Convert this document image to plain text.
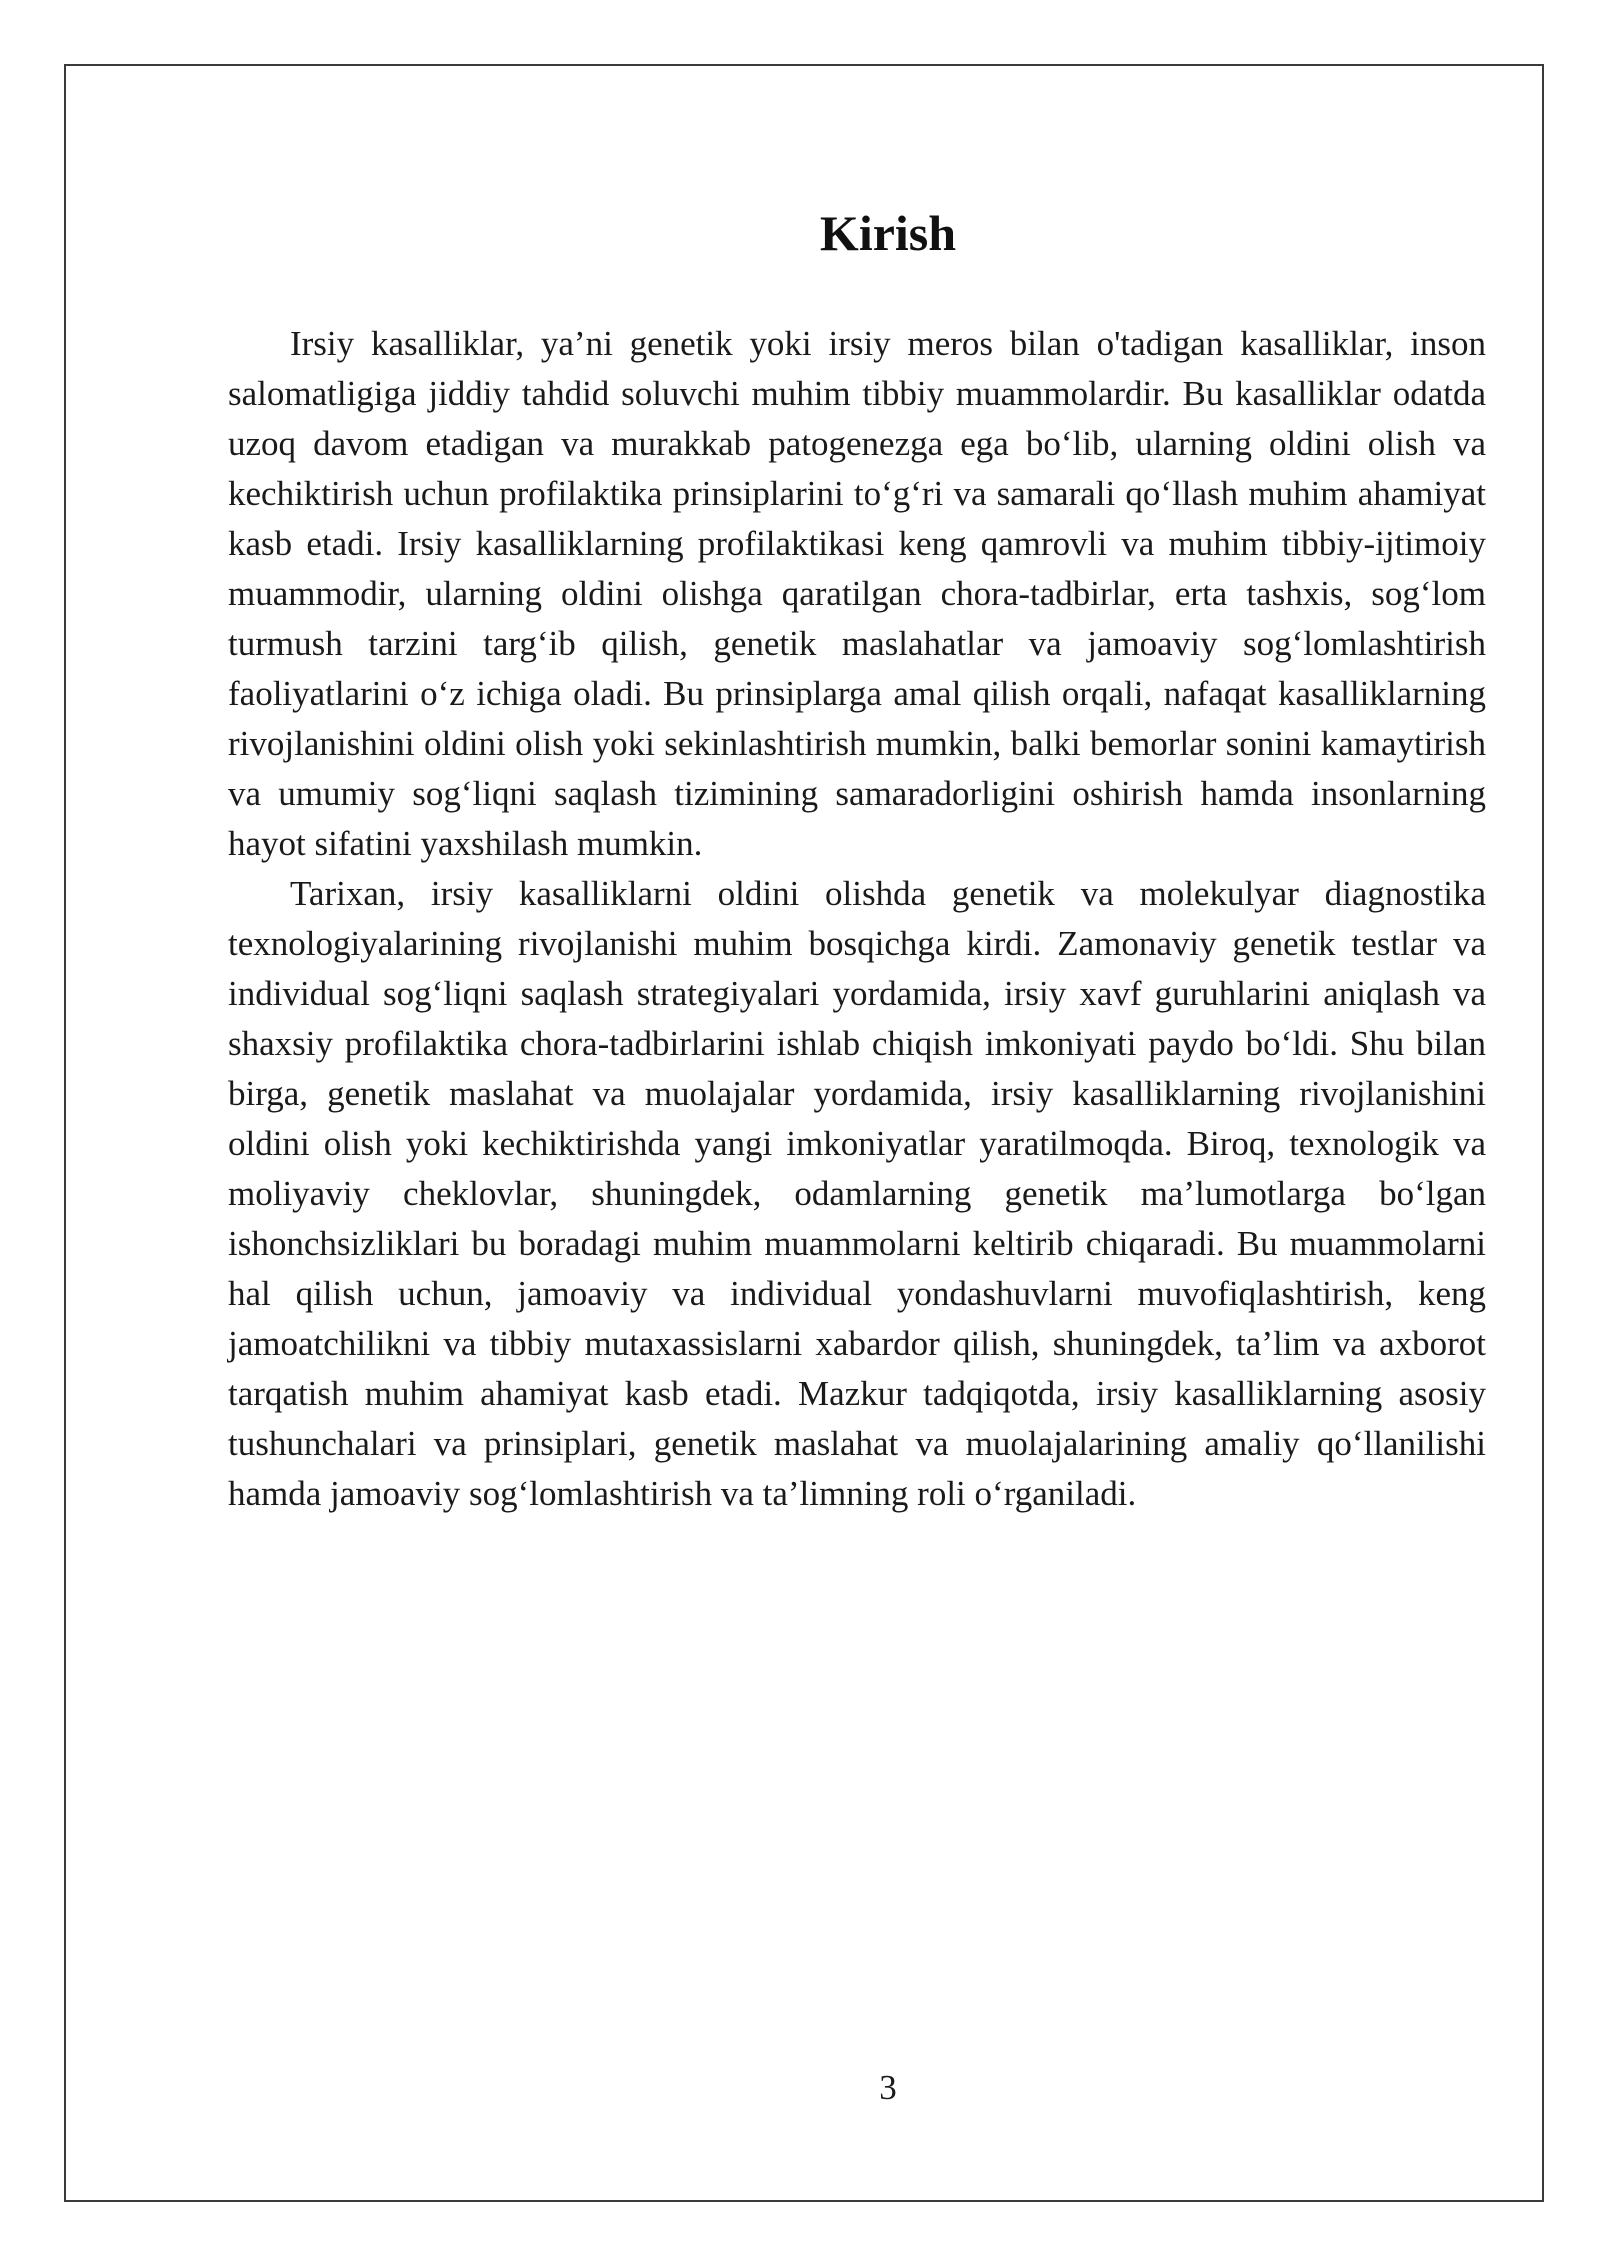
Kirish

Irsiy kasalliklar, ya’ni genetik yoki irsiy meros bilan o'tadigan kasalliklar, inson salomatligiga jiddiy tahdid soluvchi muhim tibbiy muammolardir. Bu kasalliklar odatda uzoq davom etadigan va murakkab patogenezga ega bo‘lib, ularning oldini olish va kechiktirish uchun profilaktika prinsiplarini to‘g‘ri va samarali qo‘llash muhim ahamiyat kasb etadi. Irsiy kasalliklarning profilaktikasi keng qamrovli va muhim tibbiy-ijtimoiy muammodir, ularning oldini olishga qaratilgan chora-tadbirlar, erta tashxis, sog‘lom turmush tarzini targ‘ib qilish, genetik maslahatlar va jamoaviy sog‘lomlashtirish faoliyatlarini o‘z ichiga oladi. Bu prinsiplarga amal qilish orqali, nafaqat kasalliklarning rivojlanishini oldini olish yoki sekinlashtirish mumkin, balki bemorlar sonini kamaytirish va umumiy sog‘liqni saqlash tizimining samaradorligini oshirish hamda insonlarning hayot sifatini yaxshilash mumkin.

Tarixan, irsiy kasalliklarni oldini olishda genetik va molekulyar diagnostika texnologiyalarining rivojlanishi muhim bosqichga kirdi. Zamonaviy genetik testlar va individual sog‘liqni saqlash strategiyalari yordamida, irsiy xavf guruhlarini aniqlash va shaxsiy profilaktika chora-tadbirlarini ishlab chiqish imkoniyati paydo bo‘ldi. Shu bilan birga, genetik maslahat va muolajalar yordamida, irsiy kasalliklarning rivojlanishini oldini olish yoki kechiktirishda yangi imkoniyatlar yaratilmoqda. Biroq, texnologik va moliyaviy cheklovlar, shuningdek, odamlarning genetik ma’lumotlarga bo‘lgan ishonchsizliklari bu boradagi muhim muammolarni keltirib chiqaradi. Bu muammolarni hal qilish uchun, jamoaviy va individual yondashuvlarni muvofiqlashtirish, keng jamoatchilikni va tibbiy mutaxassislarni xabardor qilish, shuningdek, ta’lim va axborot tarqatish muhim ahamiyat kasb etadi. Mazkur tadqiqotda, irsiy kasalliklarning asosiy tushunchalari va prinsiplari, genetik maslahat va muolajalarining amaliy qo‘llanilishi hamda jamoaviy sog‘lomlashtirish va ta’limning roli o‘rganiladi.

3
